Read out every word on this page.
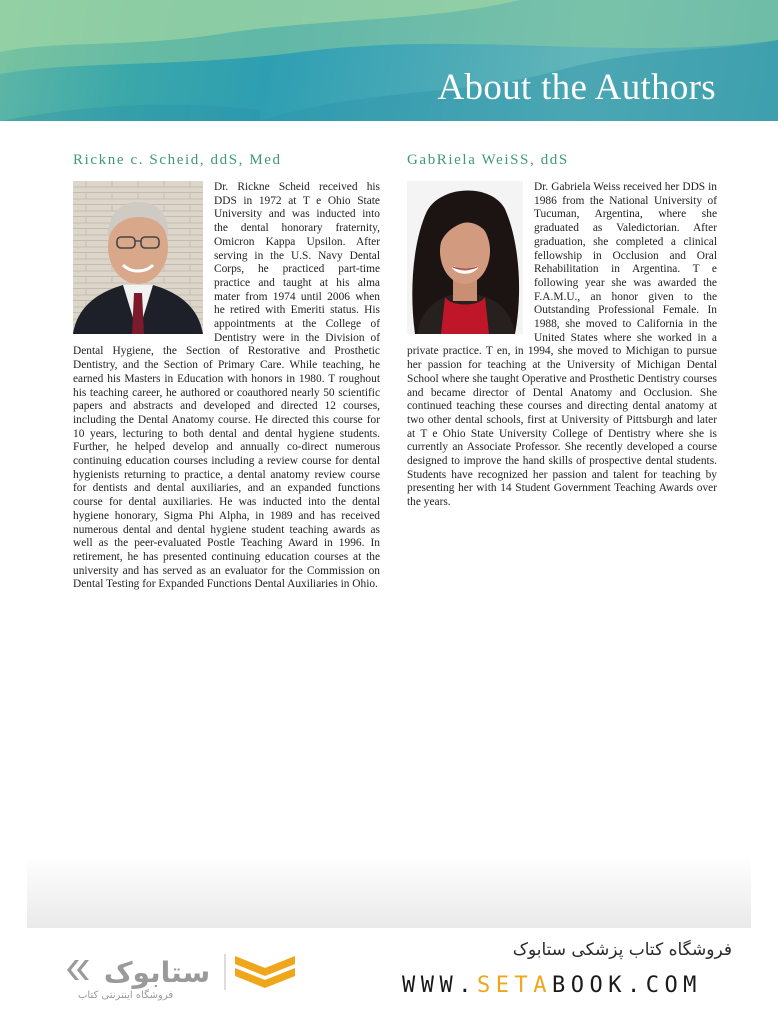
About the Authors
Rickne c. Scheid, ddS, Med

Dr. Rickne Scheid received his DDS in 1972 at T e Ohio State University and was inducted into the dental honorary fraternity, Omicron Kappa Upsilon. After serving in the U.S. Navy Dental Corps, he practiced part-time practice and taught at his alma mater from 1974 until 2006 when he retired with Emeriti status. His appointments at the College of Dentistry were in the Division of Dental Hygiene, the Section of Restorative and Prosthetic Dentistry, and the Section of Primary Care. While teaching, he earned his Masters in Education with honors in 1980. T roughout his teaching career, he authored or coauthored nearly 50 scientific papers and abstracts and developed and directed 12 courses, including the Dental Anatomy course. He directed this course for 10 years, lecturing to both dental and dental hygiene students. Further, he helped develop and annually co-direct numerous continuing education courses including a review course for dental hygienists returning to practice, a dental anatomy review course for dentists and dental auxiliaries, and an expanded functions course for dental auxiliaries. He was inducted into the dental hygiene honorary, Sigma Phi Alpha, in 1989 and has received numerous dental and dental hygiene student teaching awards as well as the peer-evaluated Postle Teaching Award in 1996. In retirement, he has presented continuing education courses at the university and has served as an evaluator for the Commission on Dental Testing for Expanded Functions Dental Auxiliaries in Ohio.

GabRiela WeiSS, ddS

Dr. Gabriela Weiss received her DDS in 1986 from the National University of Tucuman, Argentina, where she graduated as Valedictorian. After graduation, she completed a clinical fellowship in Occlusion and Oral Rehabilitation in Argentina. T e following year she was awarded the F.A.M.U., an honor given to the Outstanding Professional Female. In 1988, she moved to California in the United States where she worked in a private practice. T en, in 1994, she moved to Michigan to pursue her passion for teaching at the University of Michigan Dental School where she taught Operative and Prosthetic Dentistry courses and became director of Dental Anatomy and Occlusion. She continued teaching these courses and directing dental anatomy at two other dental schools, first at University of Pittsburgh and later at T e Ohio State University College of Dentistry where she is currently an Associate Professor. She recently developed a course designed to improve the hand skills of prospective dental students. Students have recognized her passion and talent for teaching by presenting her with 14 Student Government Teaching Awards over the years.

ستابوک
فروشگاه اینترنتی کتاب
فروشگاه کتاب پزشکی ستابوک
WWW.SETABOOK.COM
